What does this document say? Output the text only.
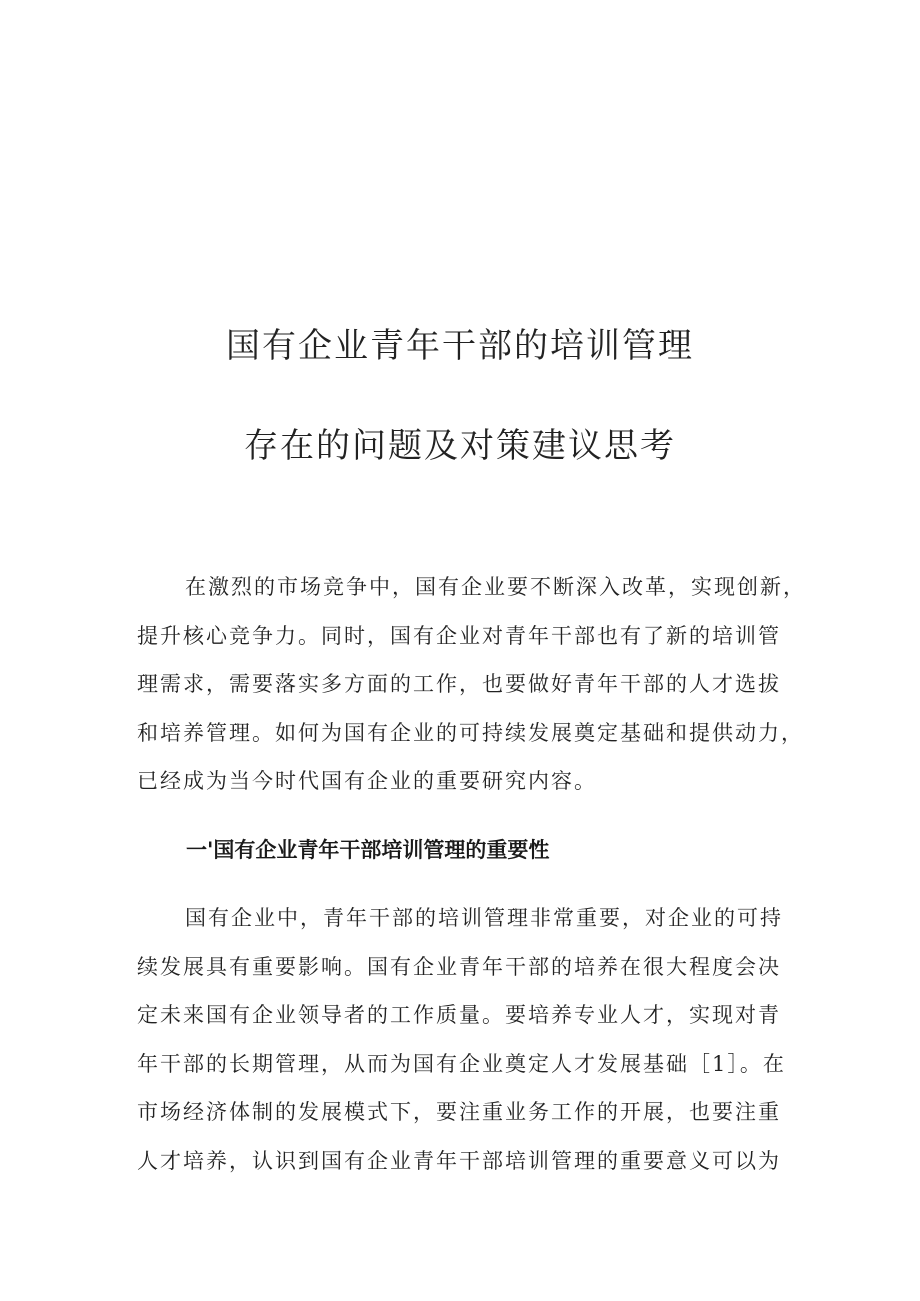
国有企业青年干部的培训管理
存在的问题及对策建议思考
在激烈的市场竞争中，国有企业要不断深入改革，实现创新，
提升核心竞争力。同时，国有企业对青年干部也有了新的培训管
理需求，需要落实多方面的工作，也要做好青年干部的人才选拔
和培养管理。如何为国有企业的可持续发展奠定基础和提供动力，
已经成为当今时代国有企业的重要研究内容。
一'国有企业青年干部培训管理的重要性
国有企业中，青年干部的培训管理非常重要，对企业的可持
续发展具有重要影响。国有企业青年干部的培养在很大程度会决
定未来国有企业领导者的工作质量。要培养专业人才，实现对青
年干部的长期管理，从而为国有企业奠定人才发展基础［1］。在
市场经济体制的发展模式下，要注重业务工作的开展，也要注重
人才培养，认识到国有企业青年干部培训管理的重要意义可以为
